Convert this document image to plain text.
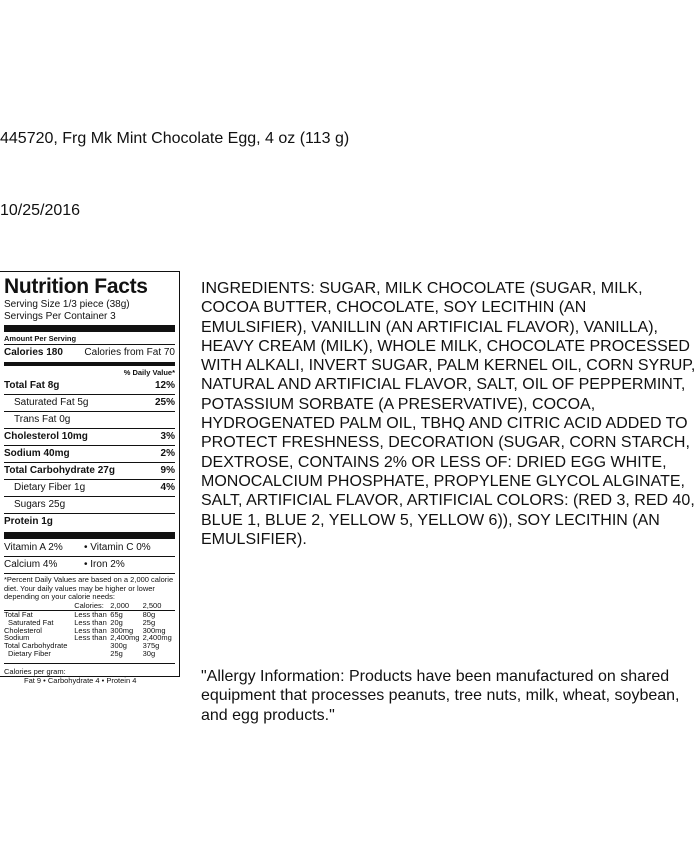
445720, Frg Mk Mint Chocolate Egg, 4 oz (113 g)
10/25/2016
Nutrition Facts
Serving Size 1/3 piece (38g)
Servings Per Container 3
Amount Per Serving
Calories 180 Calories from Fat 70
% Daily Value*
Total Fat 8g	12%
Saturated Fat 5g	25%
Trans Fat 0g
Cholesterol 10mg	3%
Sodium 40mg	2%
Total Carbohydrate 27g	9%
Dietary Fiber 1g	4%
Sugars 25g
Protein 1g
Vitamin A 2%	• Vitamin C 0%
Calcium 4%	• Iron 2%
*Percent Daily Values are based on a 2,000 calorie diet. Your daily values may be higher or lower depending on your calorie needs:
	Calories:	2,000	2,500
Total Fat	Less than	65g	80g
Saturated Fat	Less than	20g	25g
Cholesterol	Less than	300mg	300mg
Sodium	Less than	2,400mg	2,400mg
Total Carbohydrate		300g	375g
Dietary Fiber		25g	30g
Calories per gram:
Fat 9 • Carbohydrate 4 • Protein 4

INGREDIENTS: SUGAR, MILK CHOCOLATE (SUGAR, MILK, COCOA BUTTER, CHOCOLATE, SOY LECITHIN (AN EMULSIFIER), VANILLIN (AN ARTIFICIAL FLAVOR), VANILLA), HEAVY CREAM (MILK), WHOLE MILK, CHOCOLATE PROCESSED WITH ALKALI, INVERT SUGAR, PALM KERNEL OIL, CORN SYRUP, NATURAL AND ARTIFICIAL FLAVOR, SALT, OIL OF PEPPERMINT, POTASSIUM SORBATE (A PRESERVATIVE), COCOA, HYDROGENATED PALM OIL, TBHQ AND CITRIC ACID ADDED TO PROTECT FRESHNESS, DECORATION (SUGAR, CORN STARCH, DEXTROSE, CONTAINS 2% OR LESS OF: DRIED EGG WHITE, MONOCALCIUM PHOSPHATE, PROPYLENE GLYCOL ALGINATE, SALT, ARTIFICIAL FLAVOR, ARTIFICIAL COLORS: (RED 3, RED 40, BLUE 1, BLUE 2, YELLOW 5, YELLOW 6)), SOY LECITHIN (AN EMULSIFIER).

"Allergy Information: Products have been manufactured on shared equipment that processes peanuts, tree nuts, milk, wheat, soybean, and egg products."
